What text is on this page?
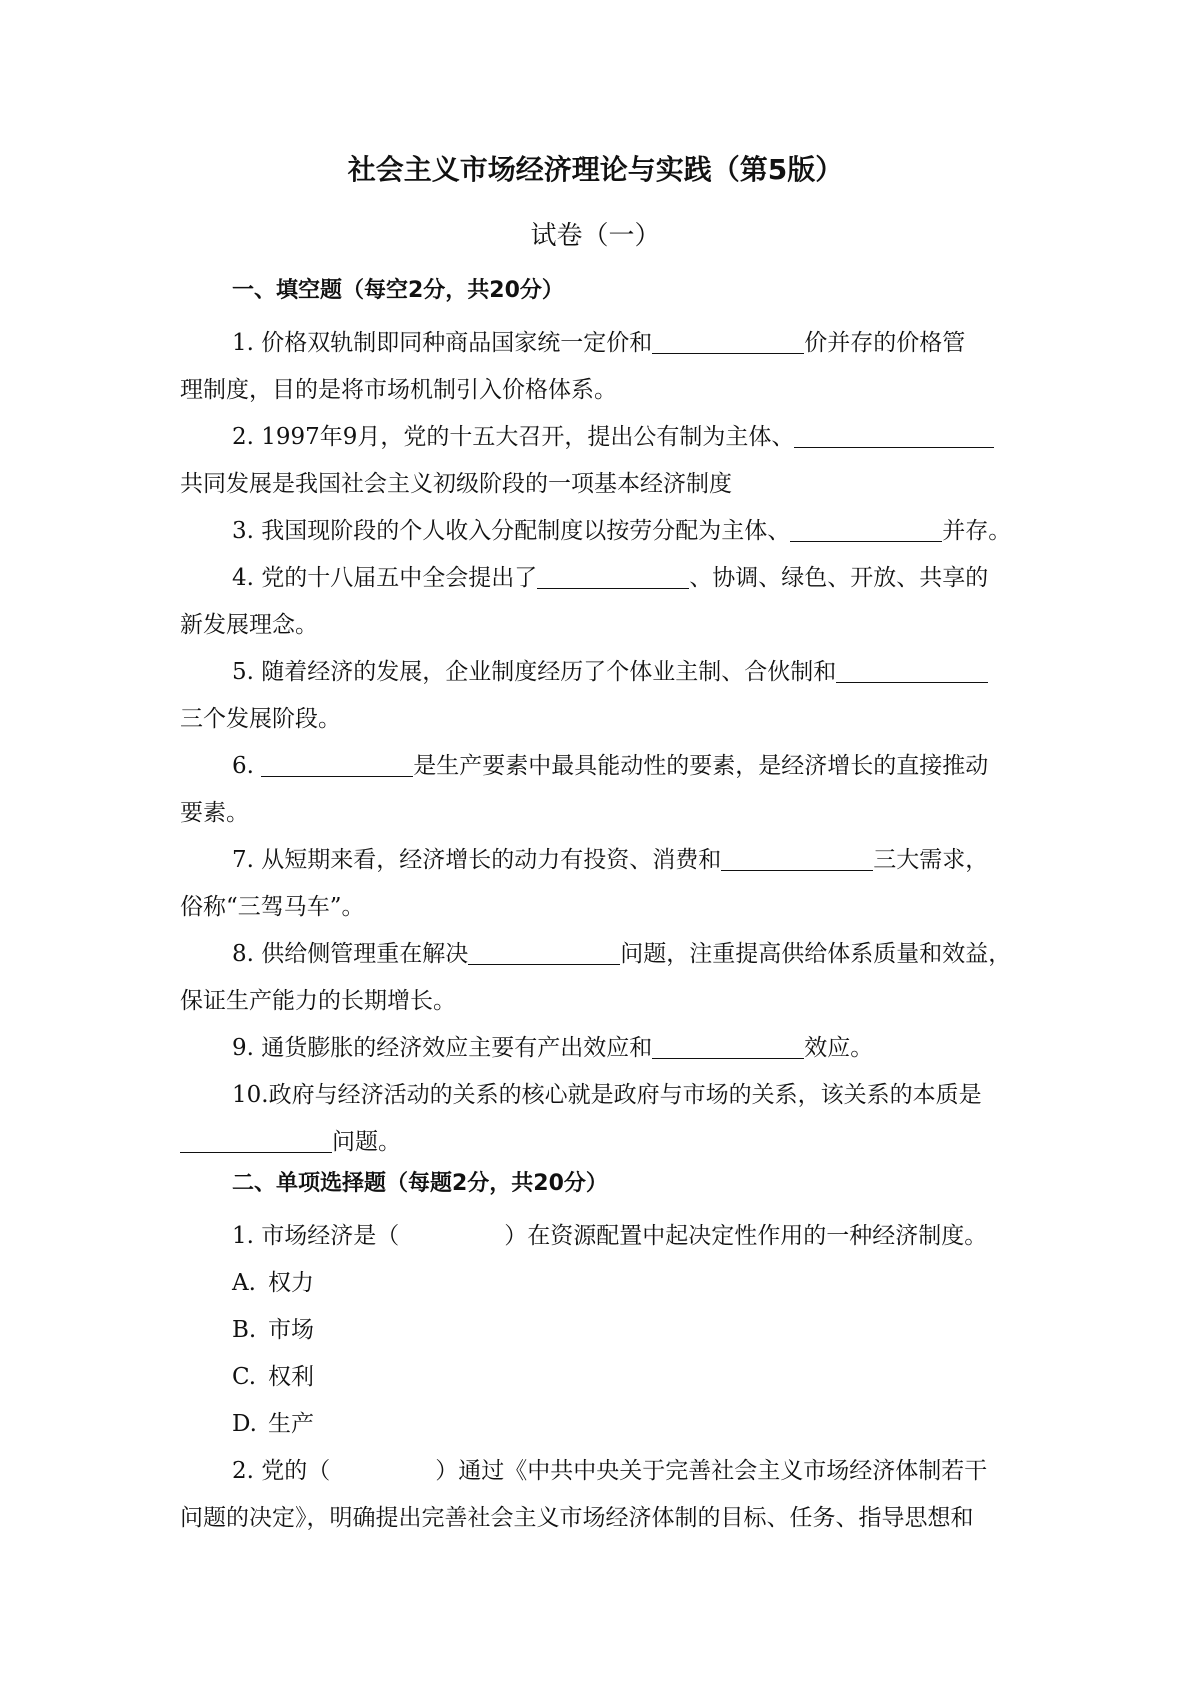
社会主义市场经济理论与实践（第5版）
试卷（一）
一、填空题（每空2分，共20分）
1. 价格双轨制即同种商品国家统一定价和	价并存的价格管
理制度，目的是将市场机制引入价格体系。
2. 1997年9月，党的十五大召开，提出公有制为主体、
共同发展是我国社会主义初级阶段的一项基本经济制度
3. 我国现阶段的个人收入分配制度以按劳分配为主体、	并存。
4. 党的十八届五中全会提出了	、协调、绿色、开放、共享的
新发展理念。
5. 随着经济的发展，企业制度经历了个体业主制、合伙制和
三个发展阶段。
6.	是生产要素中最具能动性的要素，是经济增长的直接推动
要素。
7. 从短期来看，经济增长的动力有投资、消费和	三大需求，
俗称“三驾马车”。
8. 供给侧管理重在解决	问题，注重提高供给体系质量和效益，
保证生产能力的长期增长。
9. 通货膨胀的经济效应主要有产出效应和	效应。
10.政府与经济活动的关系的核心就是政府与市场的关系，该关系的本质是
问题。
二、单项选择题（每题2分，共20分）
1. 市场经济是（	）在资源配置中起决定性作用的一种经济制度。
A. 权力
B. 市场
C. 权利
D. 生产
2. 党的（	）通过《中共中央关于完善社会主义市场经济体制若干
问题的决定》，明确提出完善社会主义市场经济体制的目标、任务、指导思想和
